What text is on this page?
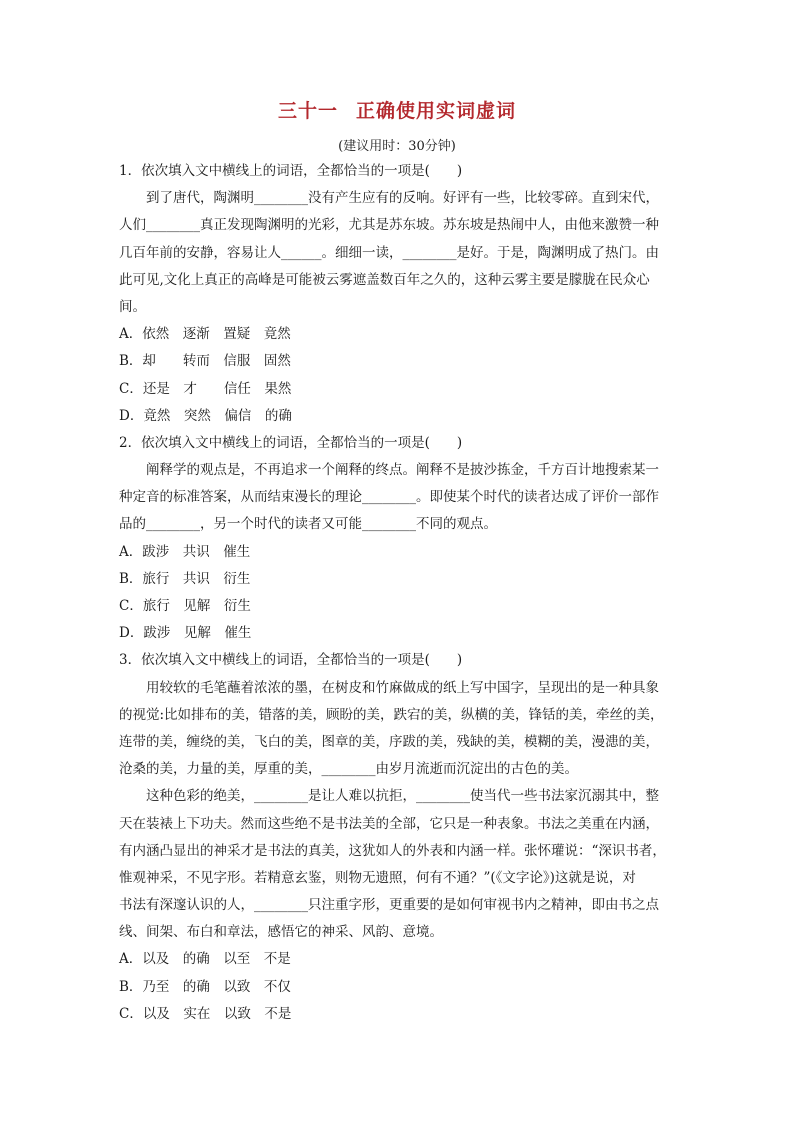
三十一 正确使用实词虚词
(建议用时：30分钟)
1．依次填入文中横线上的词语，全都恰当的一项是(　　)
到了唐代，陶渊明________没有产生应有的反响。好评有一些，比较零碎。直到宋代，
人们________真正发现陶渊明的光彩，尤其是苏东坡。苏东坡是热闹中人，由他来激赞一种
几百年前的安静，容易让人______。细细一读，________是好。于是，陶渊明成了热门。由
此可见,文化上真正的高峰是可能被云雾遮盖数百年之久的，这种云雾主要是朦胧在民众心
间。
A．依然　逐渐　置疑　竟然
B．却　　转而　信服　固然
C．还是　才　　信任　果然
D．竟然　突然　偏信　的确
2．依次填入文中横线上的词语，全都恰当的一项是(　　)
阐释学的观点是，不再追求一个阐释的终点。阐释不是披沙拣金，千方百计地搜索某一
种定音的标准答案，从而结束漫长的理论________。即使某个时代的读者达成了评价一部作
品的________，另一个时代的读者又可能________不同的观点。
A．跋涉　共识　催生
B．旅行　共识　衍生
C．旅行　见解　衍生
D．跋涉　见解　催生
3．依次填入文中横线上的词语，全都恰当的一项是(　　)
用较软的毛笔蘸着浓浓的墨，在树皮和竹麻做成的纸上写中国字，呈现出的是一种具象
的视觉:比如排布的美，错落的美，顾盼的美，跌宕的美，纵横的美，锋铦的美，牵丝的美，
连带的美，缠绕的美，飞白的美，图章的美，序跋的美，残缺的美，模糊的美，漫漶的美，
沧桑的美，力量的美，厚重的美，________由岁月流逝而沉淀出的古色的美。
这种色彩的绝美，________是让人难以抗拒，________使当代一些书法家沉溺其中，整
天在装裱上下功夫。然而这些绝不是书法美的全部，它只是一种表象。书法之美重在内涵，
有内涵凸显出的神采才是书法的真美，这犹如人的外表和内涵一样。张怀瓘说：“深识书者，
惟观神采，不见字形。若精意玄鉴，则物无遗照，何有不通？”(《文字论》)这就是说，对
书法有深邃认识的人，________只注重字形，更重要的是如何审视书内之精神，即由书之点
线、间架、布白和章法，感悟它的神采、风韵、意境。
A．以及　的确　以至　不是
B．乃至　的确　以致　不仅
C．以及　实在　以致　不是
